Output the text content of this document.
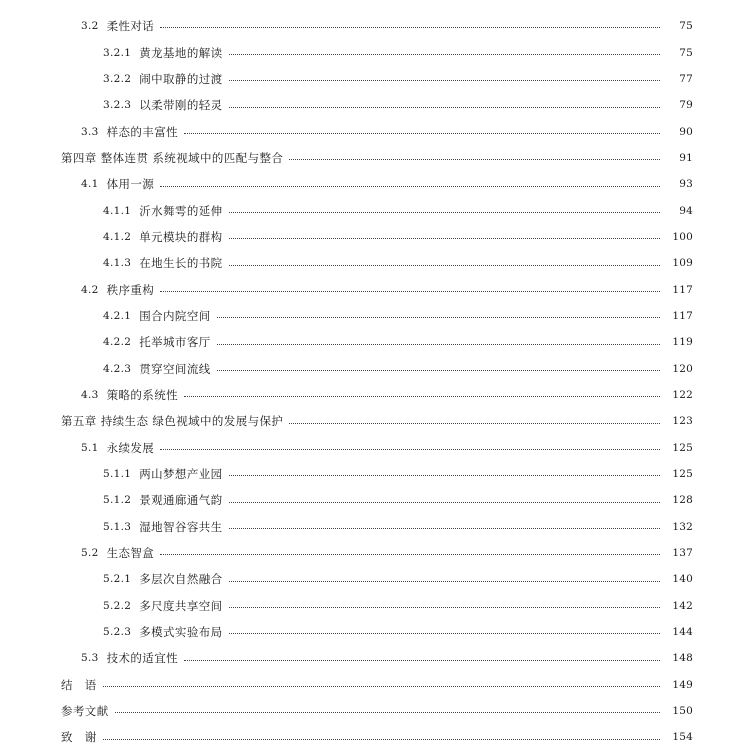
3.2 柔性对话	75
3.2.1 黄龙基地的解读	75
3.2.2 闹中取静的过渡	77
3.2.3 以柔带刚的轻灵	79
3.3 样态的丰富性	90
第四章 整体连贯 系统视域中的匹配与整合	91
4.1 体用一源	93
4.1.1 沂水舞雩的延伸	94
4.1.2 单元模块的群构	100
4.1.3 在地生长的书院	109
4.2 秩序重构	117
4.2.1 围合内院空间	117
4.2.2 托举城市客厅	119
4.2.3 贯穿空间流线	120
4.3 策略的系统性	122
第五章 持续生态 绿色视域中的发展与保护	123
5.1 永续发展	125
5.1.1 两山梦想产业园	125
5.1.2 景观通廊通气韵	128
5.1.3 湿地智谷容共生	132
5.2 生态智盒	137
5.2.1 多层次自然融合	140
5.2.2 多尺度共享空间	142
5.2.3 多模式实验布局	144
5.3 技术的适宜性	148
结　语	149
参考文献	150
致　谢	154
